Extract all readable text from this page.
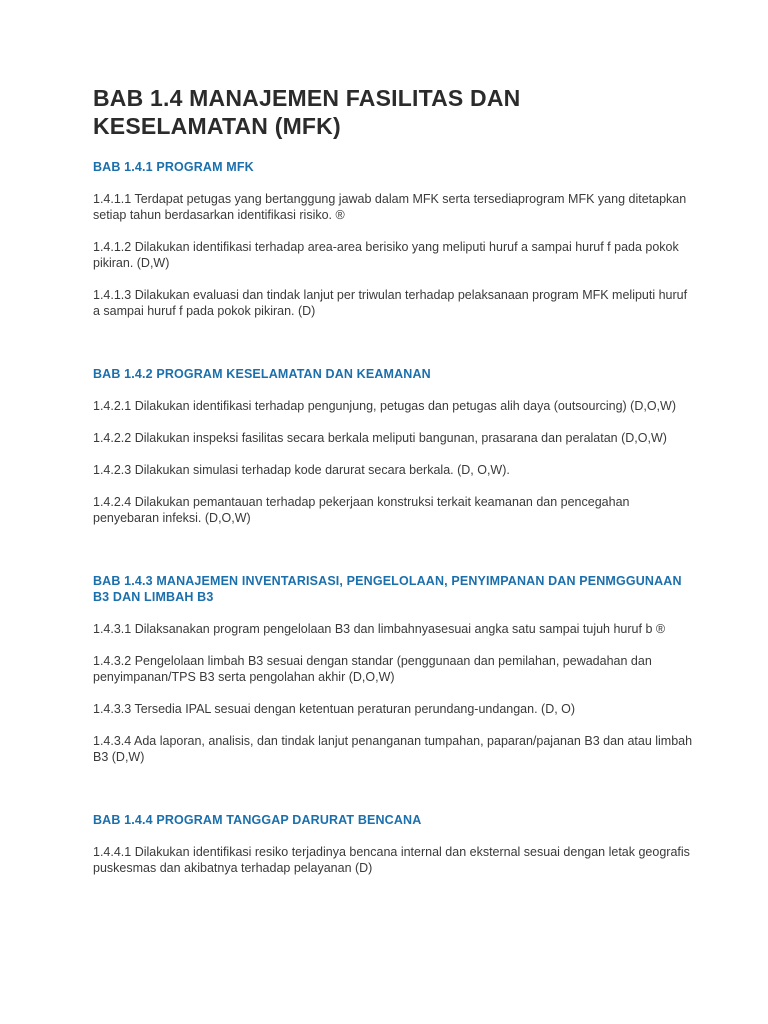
BAB 1.4 MANAJEMEN FASILITAS DAN KESELAMATAN (MFK)
BAB 1.4.1 PROGRAM MFK

1.4.1.1 Terdapat petugas yang bertanggung jawab dalam MFK serta tersediaprogram MFK yang ditetapkan setiap tahun berdasarkan identifikasi risiko. ®

1.4.1.2 Dilakukan identifikasi terhadap area-area berisiko yang meliputi huruf a sampai huruf f pada pokok pikiran. (D,W)

1.4.1.3 Dilakukan evaluasi dan tindak lanjut per triwulan terhadap pelaksanaan program MFK meliputi huruf a sampai huruf f pada pokok pikiran. (D)

BAB 1.4.2 PROGRAM KESELAMATAN DAN KEAMANAN

1.4.2.1 Dilakukan identifikasi terhadap pengunjung, petugas dan petugas alih daya (outsourcing) (D,O,W)

1.4.2.2 Dilakukan inspeksi fasilitas secara berkala meliputi bangunan, prasarana dan peralatan (D,O,W)

1.4.2.3 Dilakukan simulasi terhadap kode darurat secara berkala. (D, O,W).

1.4.2.4 Dilakukan pemantauan terhadap pekerjaan konstruksi terkait keamanan dan pencegahan penyebaran infeksi. (D,O,W)

BAB 1.4.3 MANAJEMEN INVENTARISASI, PENGELOLAAN, PENYIMPANAN DAN PENMGGUNAAN B3 DAN LIMBAH B3

1.4.3.1 Dilaksanakan program pengelolaan B3 dan limbahnyasesuai angka satu sampai tujuh huruf b ®

1.4.3.2 Pengelolaan limbah B3 sesuai dengan standar (penggunaan dan pemilahan, pewadahan dan penyimpanan/TPS B3 serta pengolahan akhir (D,O,W)

1.4.3.3 Tersedia IPAL sesuai dengan ketentuan peraturan perundang-undangan. (D, O)

1.4.3.4 Ada laporan, analisis, dan tindak lanjut penanganan tumpahan, paparan/pajanan B3 dan atau limbah B3 (D,W)

BAB 1.4.4 PROGRAM TANGGAP DARURAT BENCANA

1.4.4.1 Dilakukan identifikasi resiko terjadinya bencana internal dan eksternal sesuai dengan letak geografis puskesmas dan akibatnya terhadap pelayanan (D)
